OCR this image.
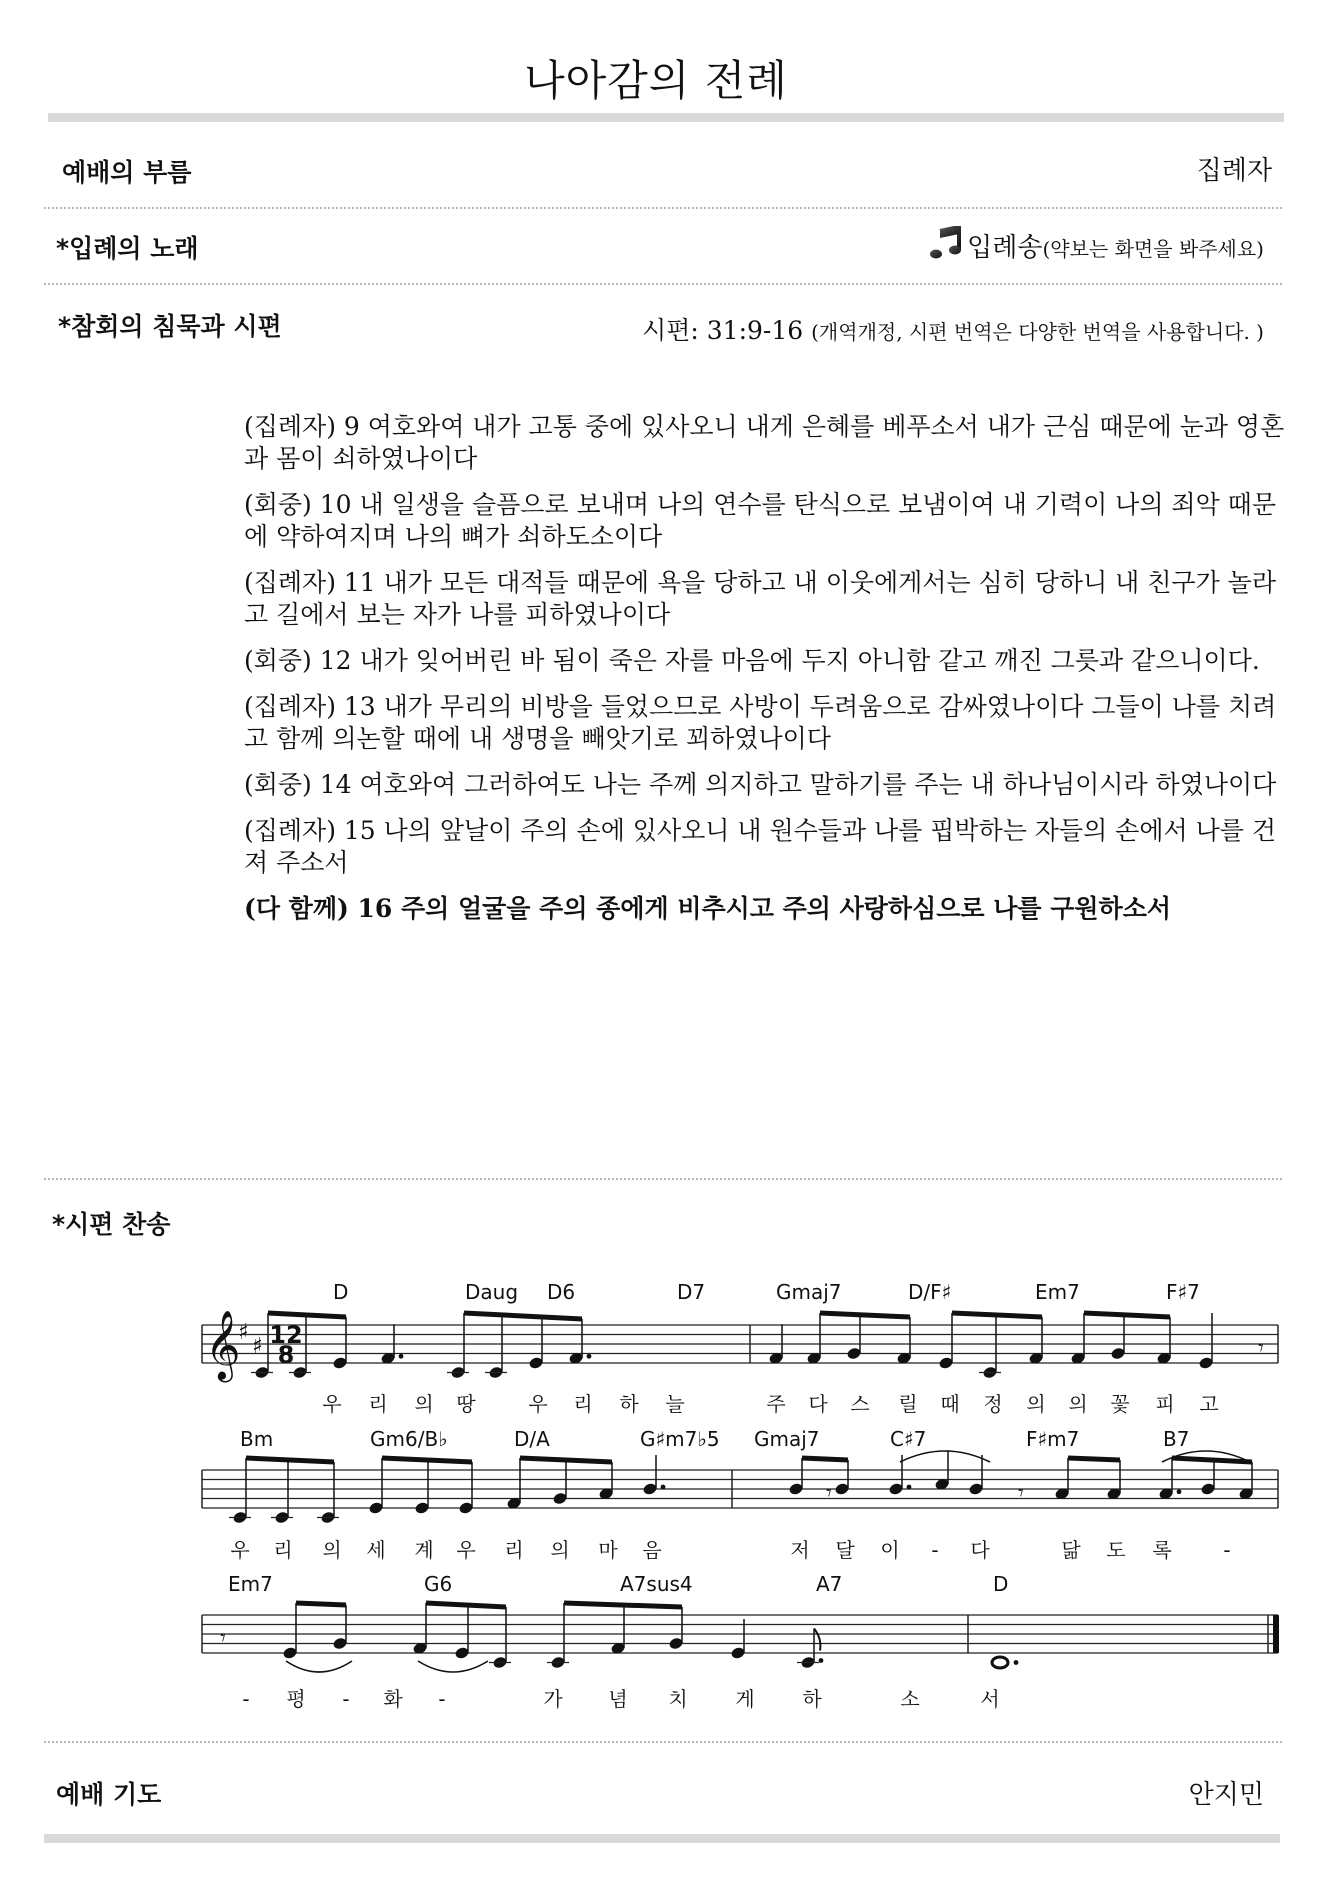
나아감의 전례
예배의 부름	집례자
*입례의 노래	입례송(약보는 화면을 봐주세요)
*참회의 침묵과 시편	시편: 31:9-16 (개역개정, 시편 번역은 다양한 번역을 사용합니다. )

(집례자) 9 여호와여 내가 고통 중에 있사오니 내게 은혜를 베푸소서 내가 근심 때문에 눈과 영혼과 몸이 쇠하였나이다

(회중) 10 내 일생을 슬픔으로 보내며 나의 연수를 탄식으로 보냄이여 내 기력이 나의 죄악 때문에 약하여지며 나의 뼈가 쇠하도소이다

(집례자) 11 내가 모든 대적들 때문에 욕을 당하고 내 이웃에게서는 심히 당하니 내 친구가 놀라고 길에서 보는 자가 나를 피하였나이다

(회중) 12 내가 잊어버린 바 됨이 죽은 자를 마음에 두지 아니함 같고 깨진 그릇과 같으니이다.

(집례자) 13 내가 무리의 비방을 들었으므로 사방이 두려움으로 감싸였나이다 그들이 나를 치려고 함께 의논할 때에 내 생명을 빼앗기로 꾀하였나이다

(회중) 14 여호와여 그러하여도 나는 주께 의지하고 말하기를 주는 내 하나님이시라 하였나이다

(집례자) 15 나의 앞날이 주의 손에 있사오니 내 원수들과 나를 핍박하는 자들의 손에서 나를 건져 주소서

(다 함께) 16 주의 얼굴을 주의 종에게 비추시고 주의 사랑하심으로 나를 구원하소서

*시편 찬송
𝄞
♯
♯ 12
8	𝄾
D	Daug D6	D7	Gmaj7	D/F♯	Em7	F♯7
우 리 의 땅	우 리 하 늘	주 다 스 릴 때 정 의 의 꽃 피 고
𝄾	𝄾
Bm	Gm6/B♭	D/A	G♯m7♭5 Gmaj7	C♯7	F♯m7	B7
우 리 의 세 계 우 리 의 마 음	저 달 이 - 다	닮 도 록	-
𝄾
Em7	G6	A7sus4	A7	D
- 평 - 화 -	가 념 치 게 하	소	서
예배 기도	안지민
